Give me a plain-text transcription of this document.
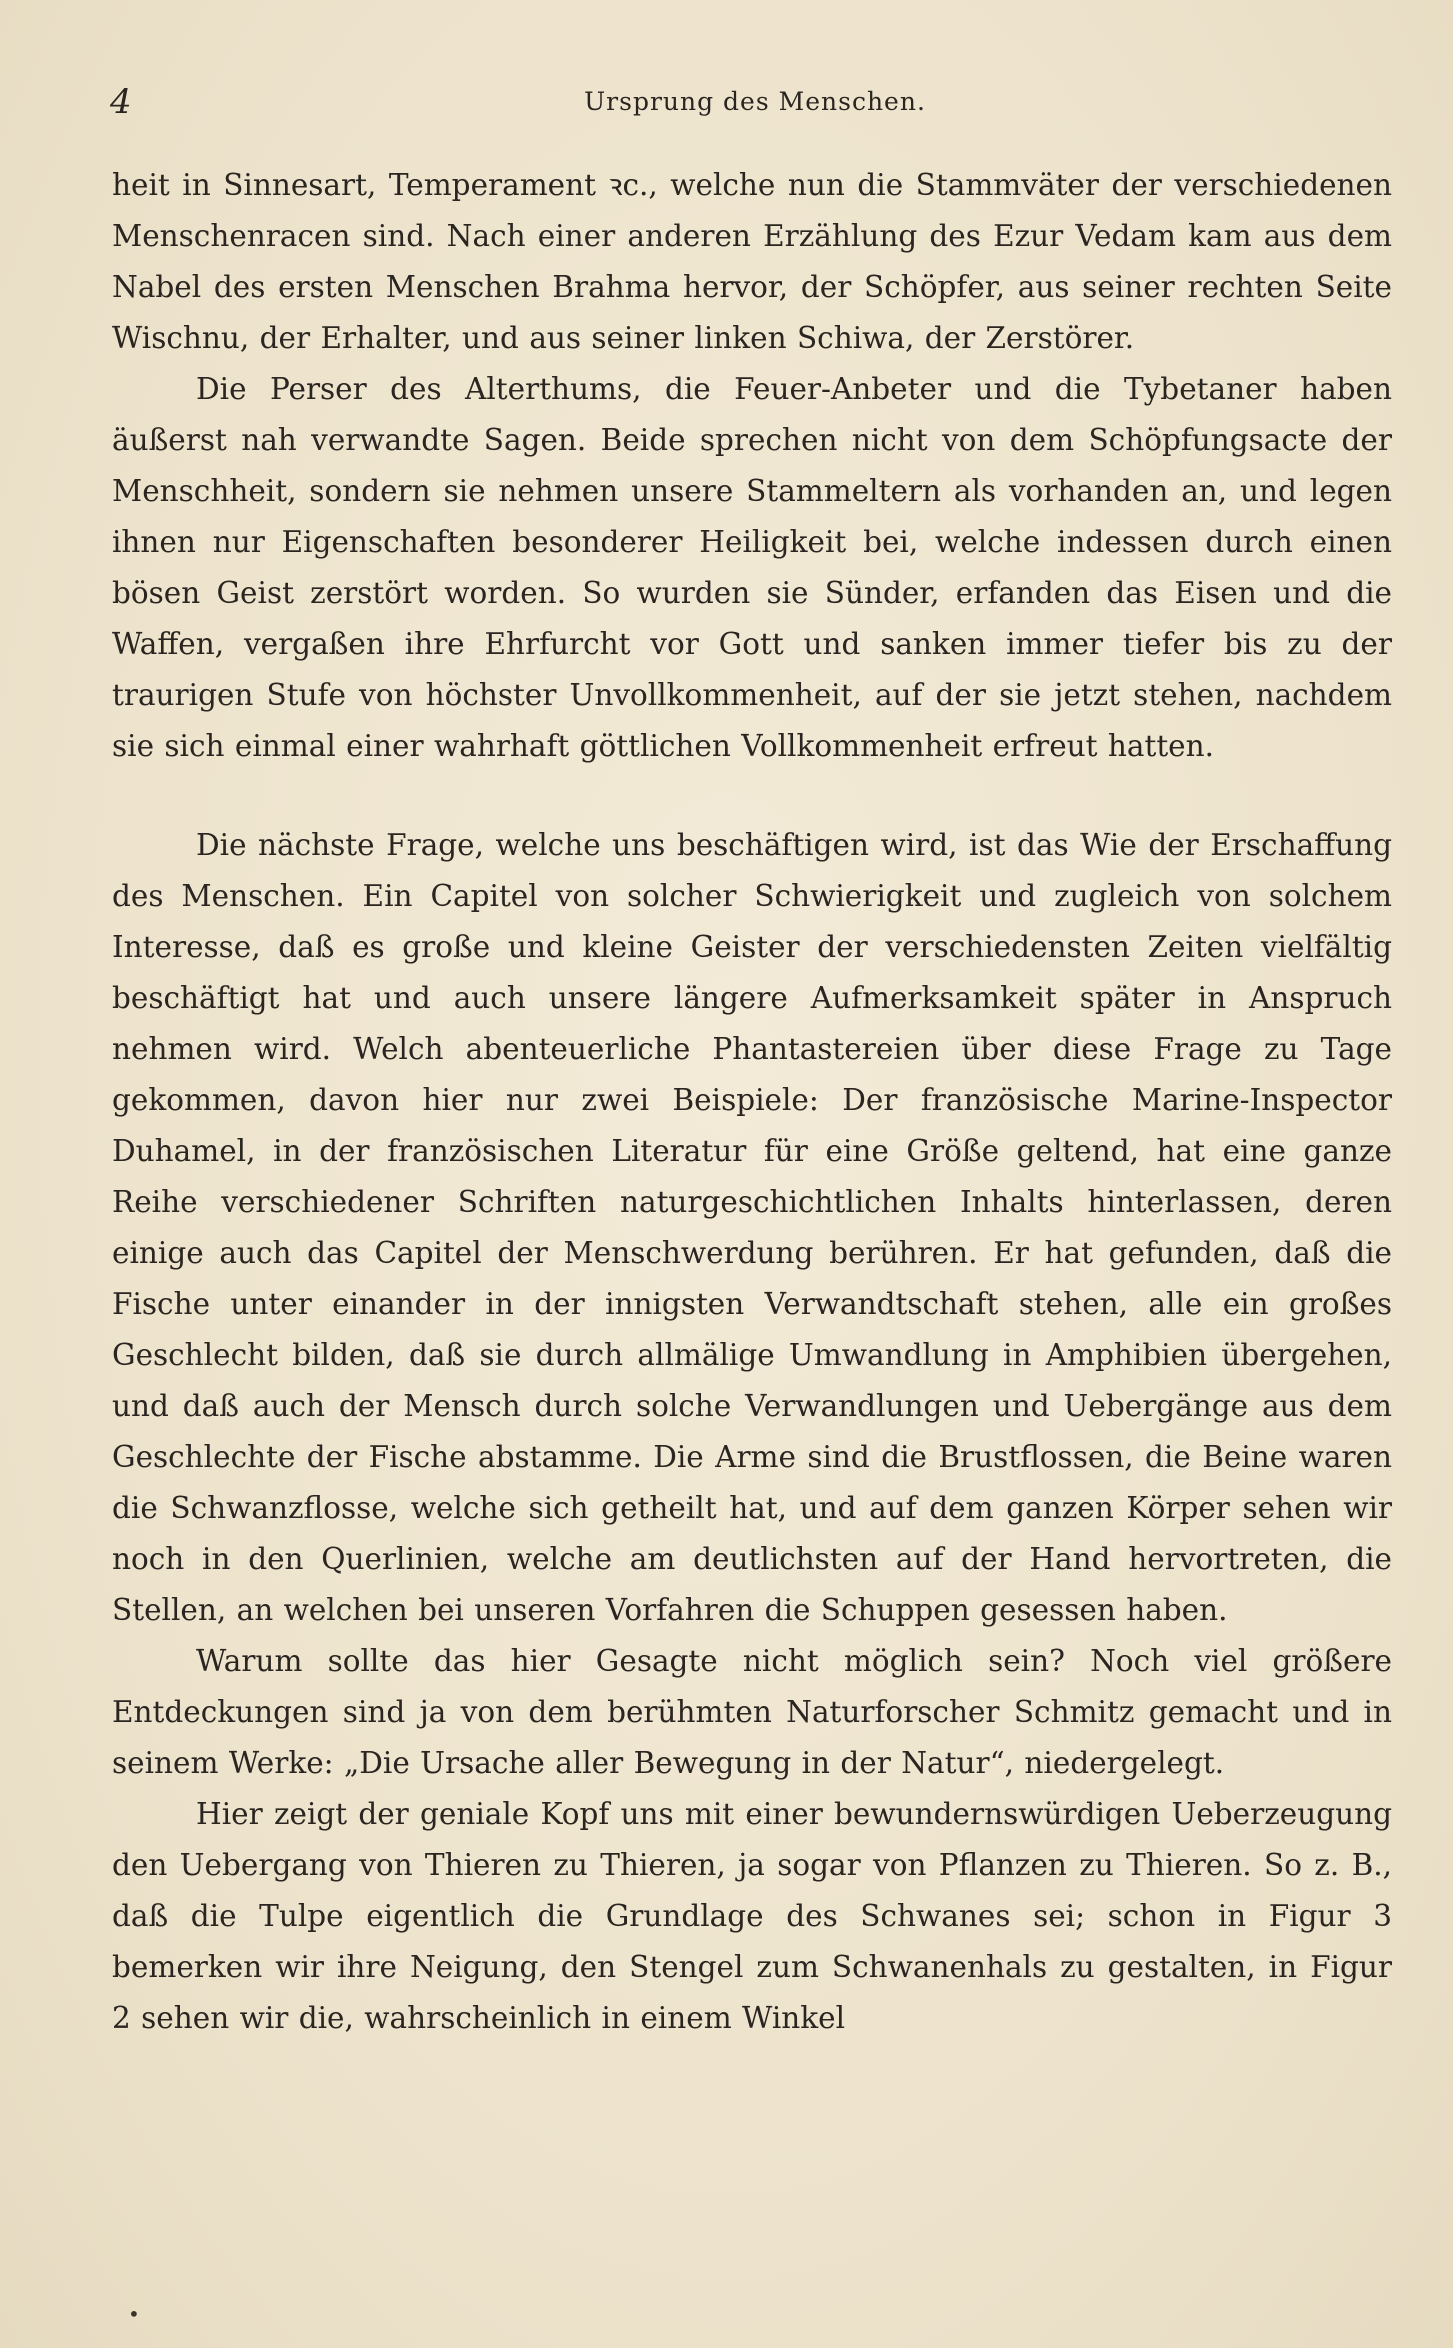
4	Ursprung des Menschen.

heit in Sinnesart, Temperament ꝛc., welche nun die Stammväter der verschiedenen Menschenracen sind. Nach einer anderen Erzählung des Ezur Vedam kam aus dem Nabel des ersten Menschen Brahma hervor, der Schöpfer, aus seiner rechten Seite Wischnu, der Erhalter, und aus seiner linken Schiwa, der Zerstörer.

Die Perser des Alterthums, die Feuer-Anbeter und die Tybetaner haben äußerst nah verwandte Sagen. Beide sprechen nicht von dem Schöpfungsacte der Menschheit, sondern sie nehmen unsere Stammeltern als vorhanden an, und legen ihnen nur Eigenschaften besonderer Heiligkeit bei, welche indessen durch einen bösen Geist zerstört worden. So wurden sie Sünder, erfanden das Eisen und die Waffen, vergaßen ihre Ehrfurcht vor Gott und sanken immer tiefer bis zu der traurigen Stufe von höchster Unvollkommenheit, auf der sie jetzt stehen, nachdem sie sich einmal einer wahrhaft göttlichen Vollkommenheit erfreut hatten.

Die nächste Frage, welche uns beschäftigen wird, ist das Wie der Erschaffung des Menschen. Ein Capitel von solcher Schwierigkeit und zugleich von solchem Interesse, daß es große und kleine Geister der verschiedensten Zeiten vielfältig beschäftigt hat und auch unsere längere Aufmerksamkeit später in Anspruch nehmen wird. Welch abenteuerliche Phantastereien über diese Frage zu Tage gekommen, davon hier nur zwei Beispiele: Der französische Marine-Inspector Duhamel, in der französischen Literatur für eine Größe geltend, hat eine ganze Reihe verschiedener Schriften naturgeschichtlichen Inhalts hinterlassen, deren einige auch das Capitel der Menschwerdung berühren. Er hat gefunden, daß die Fische unter einander in der innigsten Verwandtschaft stehen, alle ein großes Geschlecht bilden, daß sie durch allmälige Umwandlung in Amphibien übergehen, und daß auch der Mensch durch solche Verwandlungen und Uebergänge aus dem Geschlechte der Fische abstamme. Die Arme sind die Brustflossen, die Beine waren die Schwanzflosse, welche sich getheilt hat, und auf dem ganzen Körper sehen wir noch in den Querlinien, welche am deutlichsten auf der Hand hervortreten, die Stellen, an welchen bei unseren Vorfahren die Schuppen gesessen haben.

Warum sollte das hier Gesagte nicht möglich sein? Noch viel größere Entdeckungen sind ja von dem berühmten Naturforscher Schmitz gemacht und in seinem Werke: „Die Ursache aller Bewegung in der Natur“, niedergelegt.

Hier zeigt der geniale Kopf uns mit einer bewundernswürdigen Ueberzeugung den Uebergang von Thieren zu Thieren, ja sogar von Pflanzen zu Thieren. So z. B., daß die Tulpe eigentlich die Grundlage des Schwanes sei; schon in Figur 3 bemerken wir ihre Neigung, den Stengel zum Schwanenhals zu gestalten, in Figur 2 sehen wir die, wahrscheinlich in einem Winkel

•
